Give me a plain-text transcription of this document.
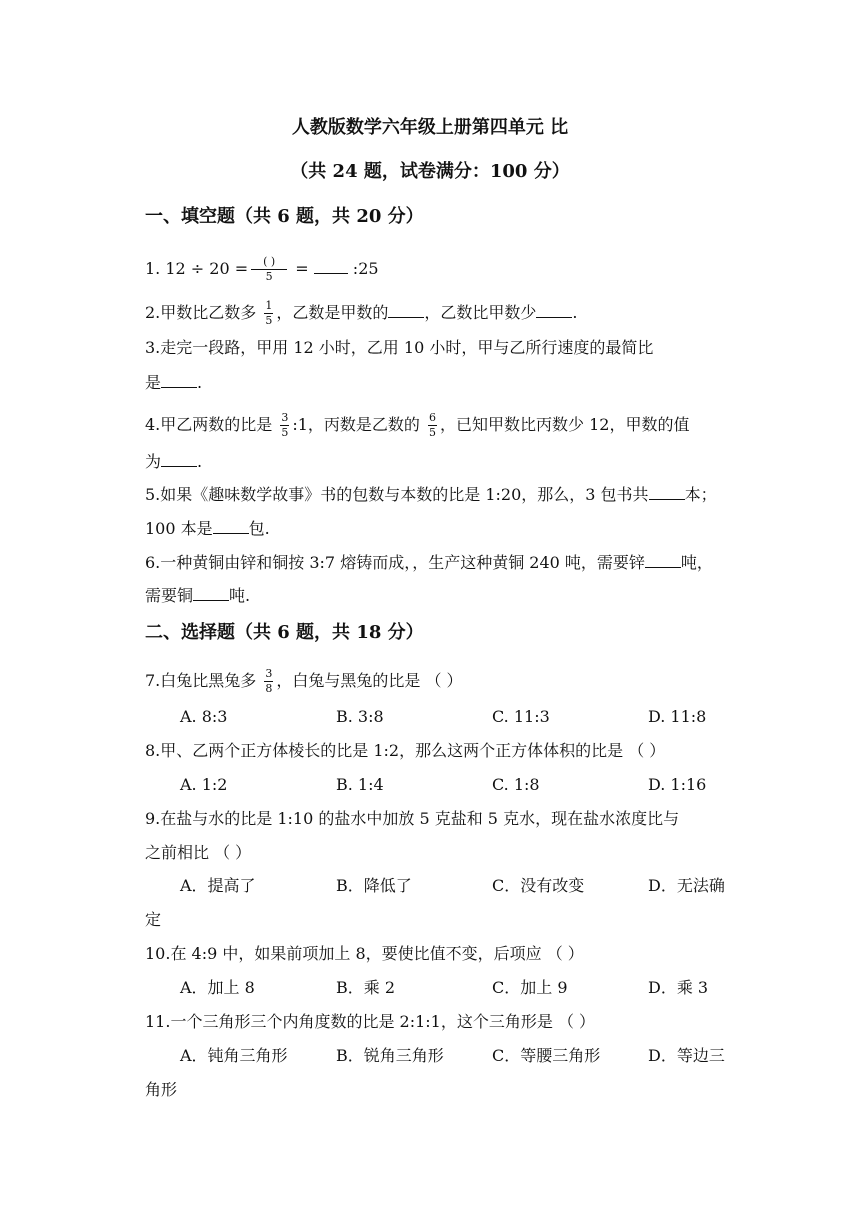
人教版数学六年级上册第四单元 比
（共 24 题，试卷满分：100 分）
一、填空题（共 6 题，共 20 分）
1. $12 \div 20 = \frac{( )}{5}$ =  :25
2.甲数比乙数多 $\frac{1}{5}$ ，乙数是甲数的 ，乙数比甲数少 .
3.走完一段路，甲用 12 小时，乙用 10 小时，甲与乙所行速度的最简比
是 .
4.甲乙两数的比是 $\frac{3}{5}$ :1，丙数是乙数的 $\frac{6}{5}$ ，已知甲数比丙数少 12，甲数的值
为 .
5.如果《趣味数学故事》书的包数与本数的比是 1:20，那么，3 包书共 本；
100 本是 包.
6.一种黄铜由锌和铜按 3:7 熔铸而成，，生产这种黄铜 240 吨，需要锌 吨，
需要铜 吨.
二、选择题（共 6 题，共 18 分）
7.白兔比黑兔多 $\frac{3}{8}$ ，白兔与黑兔的比是 （ ）
A. 8:3	B. 3:8	C. 11:3	D. 11:8
8.甲、乙两个正方体棱长的比是 1:2，那么这两个正方体体积的比是 （ ）
A. 1:2	B. 1:4	C. 1:8	D. 1:16
9.在盐与水的比是 1:10 的盐水中加放 5 克盐和 5 克水，现在盐水浓度比与
之前相比 （ ）
A．提高了	B．降低了	C．没有改变	D．无法确
定
10.在 4:9 中，如果前项加上 8，要使比值不变，后项应 （ ）
A．加上 8	B．乘 2	C．加上 9	D．乘 3
11.一个三角形三个内角度数的比是 2:1:1，这个三角形是 （ ）
A．钝角三角形	B．锐角三角形	C．等腰三角形	D．等边三
角形
